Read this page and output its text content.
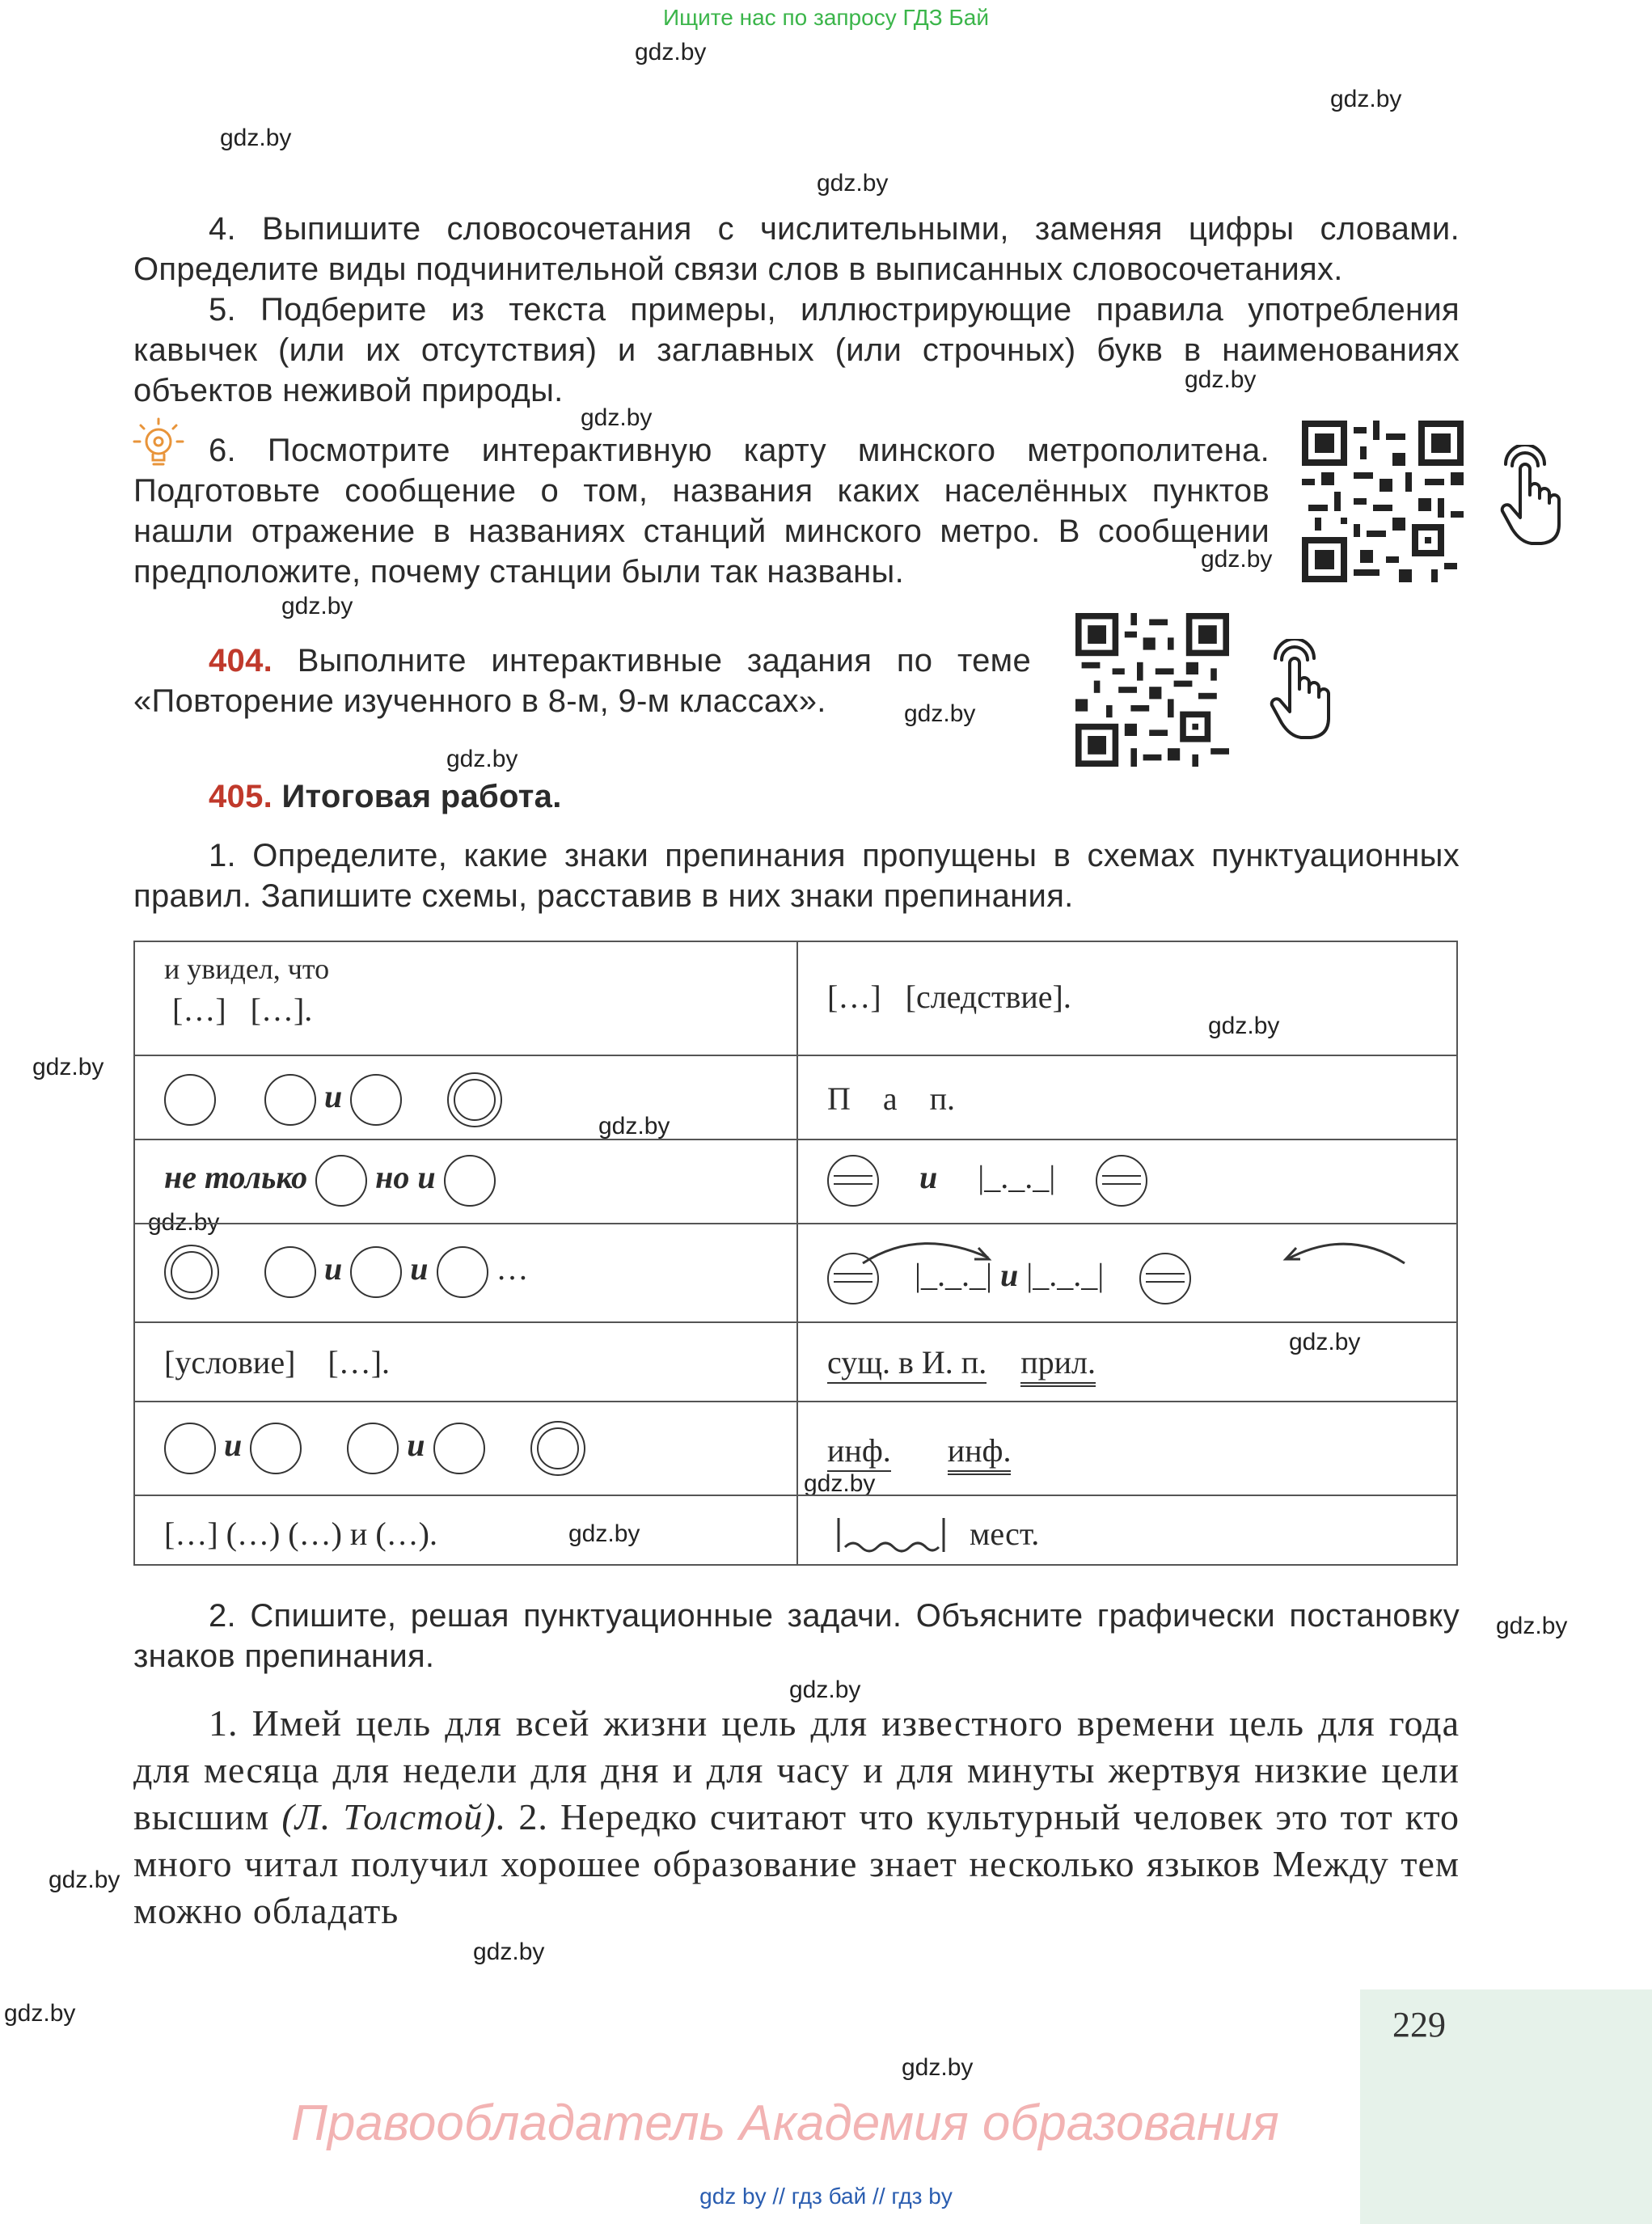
Ищите нас по запросу ГДЗ Бай
gdz.by
gdz.by
gdz.by
gdz.by
gdz.by
gdz.by
gdz.by
gdz.by
gdz.by
gdz.by
gdz.by
gdz.by
gdz.by
gdz.by
gdz.by
gdz.by
gdz.by
gdz.by
gdz.by
gdz.by
gdz.by
gdz.by
gdz.by

4. Выпишите словосочетания с числительными, заменяя цифры словами. Определите виды подчинительной связи слов в выписанных словосочетаниях.

5. Подберите из текста примеры, иллюстрирующие правила употребления кавычек (или их отсутствия) и заглавных (или строчных) букв в наименованиях объектов неживой природы.

6. Посмотрите интерактивную карту минского метрополитена. Подготовьте сообщение о том, названия каких населённых пунктов нашли отражение в названиях станций минского метро. В сообщении предположите, почему станции были так названы.

404. Выполните интерактивные задания по теме «Повторение изученного в 8-м, 9-м классах».

405. Итоговая работа.

1. Определите, какие знаки препинания пропущены в схемах пунктуационных правил. Запишите схемы, расставив в них знаки препинания.

и увидел, что
[…]   […].	[…]   [следствие].
и	П    а    п.
не только но и	и |_._._|
и и …	|_._._| и |_._._|
[условие]    […].	сущ. в И. п. прил.
и	и	инф. инф.
[…] (…) (…) и (…).	мест.

2. Спишите, решая пунктуационные задачи. Объясните графически постановку знаков препинания.

1. Имей цель для всей жизни цель для известного времени цель для года для месяца для недели для дня и для часу и для минуты жертвуя низкие цели высшим (Л. Толстой). 2. Нередко считают что культурный человек это тот кто много читал получил хорошее образование знает несколько языков Между тем можно обладать

229
Правообладатель Академия образования
gdz by // гдз бай // гдз by
